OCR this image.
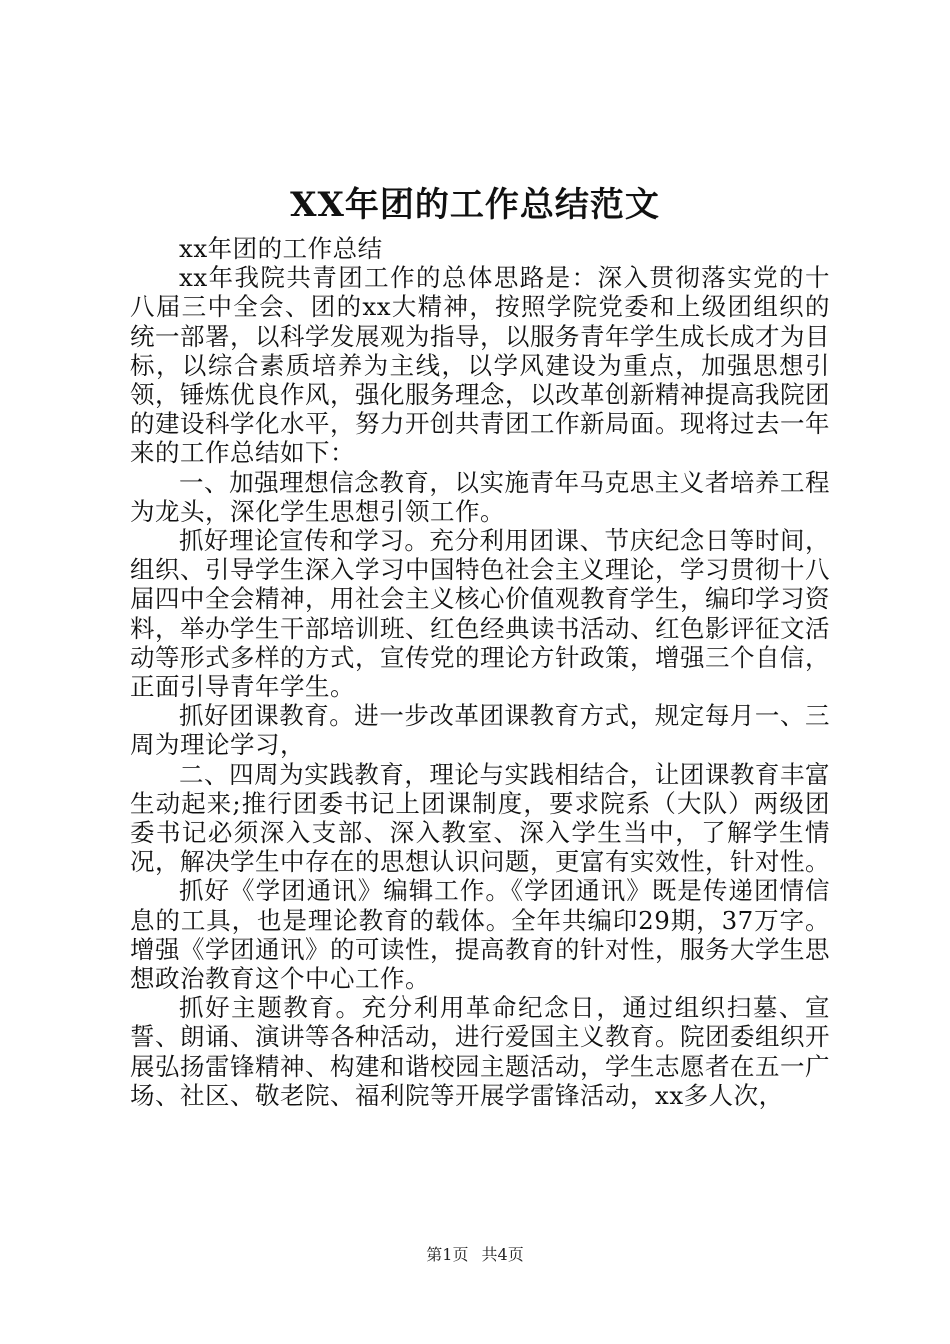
XX年团的工作总结范文

xx年团的工作总结

xx年我院共青团工作的总体思路是：深入贯彻落实党的十八届三中全会、团的xx大精神，按照学院党委和上级团组织的统一部署，以科学发展观为指导，以服务青年学生成长成才为目标，以综合素质培养为主线，以学风建设为重点，加强思想引领，锤炼优良作风，强化服务理念，以改革创新精神提高我院团的建设科学化水平，努力开创共青团工作新局面。现将过去一年来的工作总结如下：

一、加强理想信念教育，以实施青年马克思主义者培养工程为龙头，深化学生思想引领工作。

抓好理论宣传和学习。充分利用团课、节庆纪念日等时间，组织、引导学生深入学习中国特色社会主义理论，学习贯彻十八届四中全会精神，用社会主义核心价值观教育学生，编印学习资料，举办学生干部培训班、红色经典读书活动、红色影评征文活动等形式多样的方式，宣传党的理论方针政策，增强三个自信，正面引导青年学生。

抓好团课教育。进一步改革团课教育方式，规定每月一、三周为理论学习，

二、四周为实践教育，理论与实践相结合，让团课教育丰富生动起来;推行团委书记上团课制度，要求院系（大队）两级团委书记必须深入支部、深入教室、深入学生当中，了解学生情况，解决学生中存在的思想认识问题，更富有实效性，针对性。

抓好《学团通讯》编辑工作。《学团通讯》既是传递团情信息的工具，也是理论教育的载体。全年共编印29期，37万字。增强《学团通讯》的可读性，提高教育的针对性，服务大学生思想政治教育这个中心工作。

抓好主题教育。充分利用革命纪念日，通过组织扫墓、宣誓、朗诵、演讲等各种活动，进行爱国主义教育。院团委组织开展弘扬雷锋精神、构建和谐校园主题活动，学生志愿者在五一广场、社区、敬老院、福利院等开展学雷锋活动，xx多人次，

第1页 共4页
